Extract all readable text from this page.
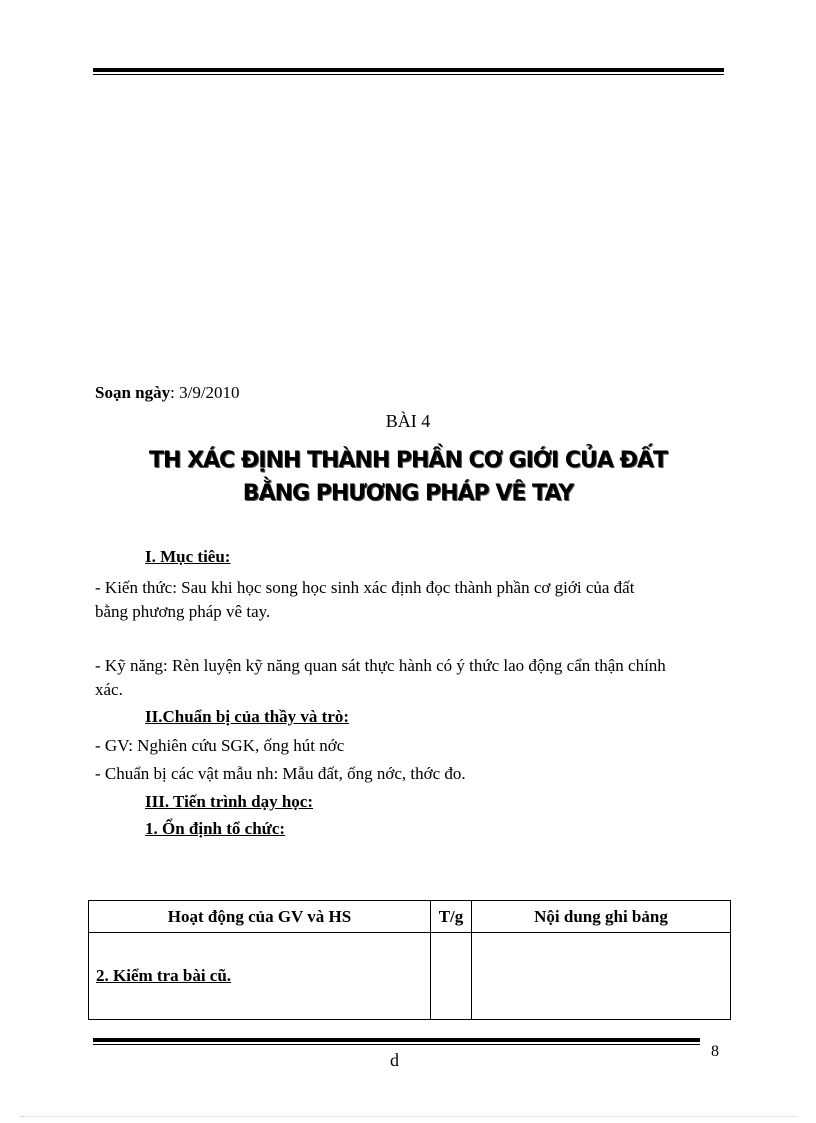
Soạn ngày: 3/9/2010
BÀI 4
TH XÁC ĐỊNH THÀNH PHẦN CƠ GIỚI CỦA ĐẤT
BẰNG PHƯƠNG PHÁP VÊ TAY
I. Mục tiêu:
- Kiến thức: Sau khi học song học sinh xác định đọc thành phần cơ giới của đất
bằng phương pháp vê tay.
- Kỹ năng: Rèn luyện kỹ năng quan sát thực hành có ý thức lao động cẩn thận chính
xác.
II.Chuẩn bị của thầy và trò:
- GV: Nghiên cứu SGK, ống hút nớc
- Chuẩn bị các vật mẫu nh: Mẫu đất, ống nớc, thớc đo.
III. Tiến trình dạy học:
1. Ổn định tổ chức:
Hoạt động của GV và HS	T/g	Nội dung ghi bảng
2. Kiểm tra bài cũ.		
d	8
